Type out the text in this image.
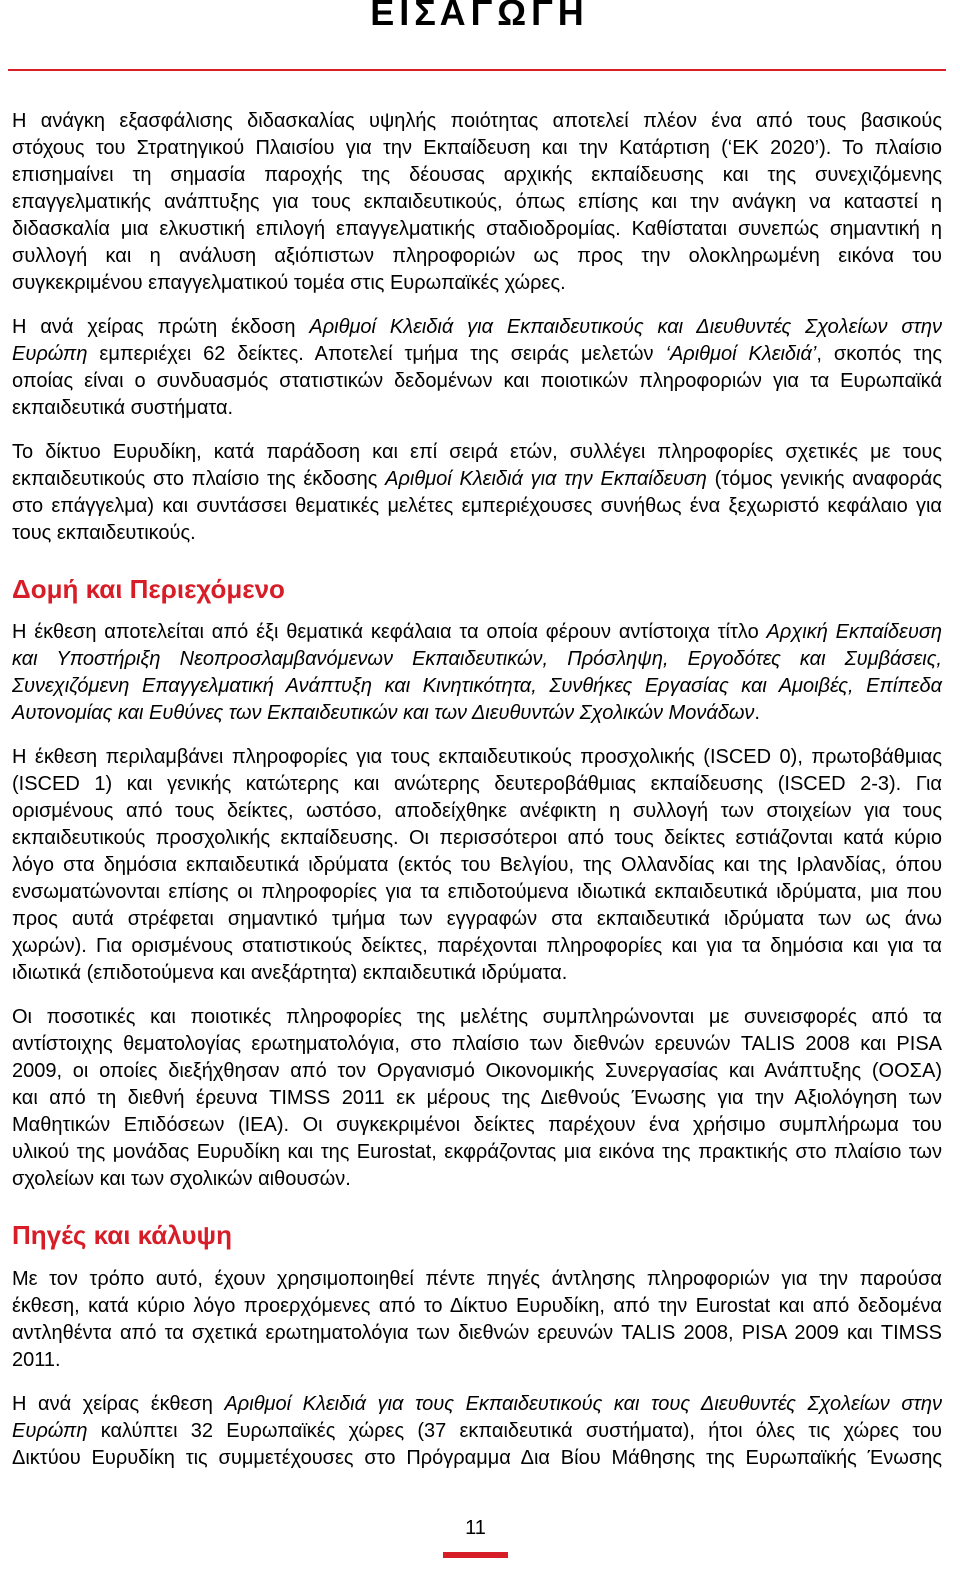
Ε Ι Σ Α Γ Ω Γ Η
Η ανάγκη εξασφάλισης διδασκαλίας υψηλής ποιότητας αποτελεί πλέον ένα από τους βασικούς
στόχους του Στρατηγικού Πλαισίου για την Εκπαίδευση και την Κατάρτιση (‘ΕΚ 2020’). Το πλαίσιο
επισημαίνει τη σημασία παροχής της δέουσας αρχικής εκπαίδευσης και της συνεχιζόμενης
επαγγελματικής ανάπτυξης για τους εκπαιδευτικούς, όπως επίσης και την ανάγκη να καταστεί η
διδασκαλία μια ελκυστική επιλογή επαγγελματικής σταδιοδρομίας. Καθίσταται συνεπώς σημαντική η
συλλογή και η ανάλυση αξιόπιστων πληροφοριών ως προς την ολοκληρωμένη εικόνα του
συγκεκριμένου επαγγελματικού τομέα στις Ευρωπαϊκές χώρες.
Η ανά χείρας πρώτη έκδοση Αριθμοί Κλειδιά για Εκπαιδευτικούς και Διευθυντές Σχολείων στην
Ευρώπη εμπεριέχει 62 δείκτες. Αποτελεί τμήμα της σειράς μελετών ‘Αριθμοί Κλειδιά’, σκοπός της
οποίας είναι ο συνδυασμός στατιστικών δεδομένων και ποιοτικών πληροφοριών για τα Ευρωπαϊκά
εκπαιδευτικά συστήματα.
Το δίκτυο Ευρυδίκη, κατά παράδοση και επί σειρά ετών, συλλέγει πληροφορίες σχετικές με τους
εκπαιδευτικούς στο πλαίσιο της έκδοσης Αριθμοί Κλειδιά για την Εκπαίδευση (τόμος γενικής αναφοράς
στο επάγγελμα) και συντάσσει θεματικές μελέτες εμπεριέχουσες συνήθως ένα ξεχωριστό κεφάλαιο για
τους εκπαιδευτικούς.
Δομή και Περιεχόμενο
Η έκθεση αποτελείται από έξι θεματικά κεφάλαια τα οποία φέρουν αντίστοιχα τίτλο Αρχική Εκπαίδευση
και Υποστήριξη Νεοπροσλαμβανόμενων Εκπαιδευτικών, Πρόσληψη, Εργοδότες και Συμβάσεις,
Συνεχιζόμενη Επαγγελματική Ανάπτυξη και Κινητικότητα, Συνθήκες Εργασίας και Αμοιβές, Επίπεδα
Αυτονομίας και Ευθύνες των Εκπαιδευτικών και των Διευθυντών Σχολικών Μονάδων.
Η έκθεση περιλαμβάνει πληροφορίες για τους εκπαιδευτικούς προσχολικής (ISCED 0), πρωτοβάθμιας
(ISCED 1) και γενικής κατώτερης και ανώτερης δευτεροβάθμιας εκπαίδευσης (ISCED 2-3). Για
ορισμένους από τους δείκτες, ωστόσο, αποδείχθηκε ανέφικτη η συλλογή των στοιχείων για τους
εκπαιδευτικούς προσχολικής εκπαίδευσης. Οι περισσότεροι από τους δείκτες εστιάζονται κατά κύριο
λόγο στα δημόσια εκπαιδευτικά ιδρύματα (εκτός του Βελγίου, της Ολλανδίας και της Ιρλανδίας, όπου
ενσωματώνονται επίσης οι πληροφορίες για τα επιδοτούμενα ιδιωτικά εκπαιδευτικά ιδρύματα, μια που
προς αυτά στρέφεται σημαντικό τμήμα των εγγραφών στα εκπαιδευτικά ιδρύματα των ως άνω
χωρών). Για ορισμένους στατιστικούς δείκτες, παρέχονται πληροφορίες και για τα δημόσια και για τα
ιδιωτικά (επιδοτούμενα και ανεξάρτητα) εκπαιδευτικά ιδρύματα.
Οι ποσοτικές και ποιοτικές πληροφορίες της μελέτης συμπληρώνονται με συνεισφορές από τα
αντίστοιχης θεματολογίας ερωτηματολόγια, στο πλαίσιο των διεθνών ερευνών TALIS 2008 και PISA
2009, οι οποίες διεξήχθησαν από τον Οργανισμό Οικονομικής Συνεργασίας και Ανάπτυξης (ΟΟΣΑ)
και από τη διεθνή έρευνα TIMSS 2011 εκ μέρους της Διεθνούς Ένωσης για την Αξιολόγηση των
Μαθητικών Επιδόσεων (IEA). Οι συγκεκριμένοι δείκτες παρέχουν ένα χρήσιμο συμπλήρωμα του
υλικού της μονάδας Ευρυδίκη και της Eurostat, εκφράζοντας μια εικόνα της πρακτικής στο πλαίσιο των
σχολείων και των σχολικών αιθουσών.
Πηγές και κάλυψη
Με τον τρόπο αυτό, έχουν χρησιμοποιηθεί πέντε πηγές άντλησης πληροφοριών για την παρούσα
έκθεση, κατά κύριο λόγο προερχόμενες από το Δίκτυο Ευρυδίκη, από την Eurostat και από δεδομένα
αντληθέντα από τα σχετικά ερωτηματολόγια των διεθνών ερευνών TALIS 2008, PISA 2009 και TIMSS
2011.
Η ανά χείρας έκθεση Αριθμοί Κλειδιά για τους Εκπαιδευτικούς και τους Διευθυντές Σχολείων στην
Ευρώπη καλύπτει 32 Ευρωπαϊκές χώρες (37 εκπαιδευτικά συστήματα), ήτοι όλες τις χώρες του
Δικτύου Ευρυδίκη τις συμμετέχουσες στο Πρόγραμμα Δια Βίου Μάθησης της Ευρωπαϊκής Ένωσης
11
